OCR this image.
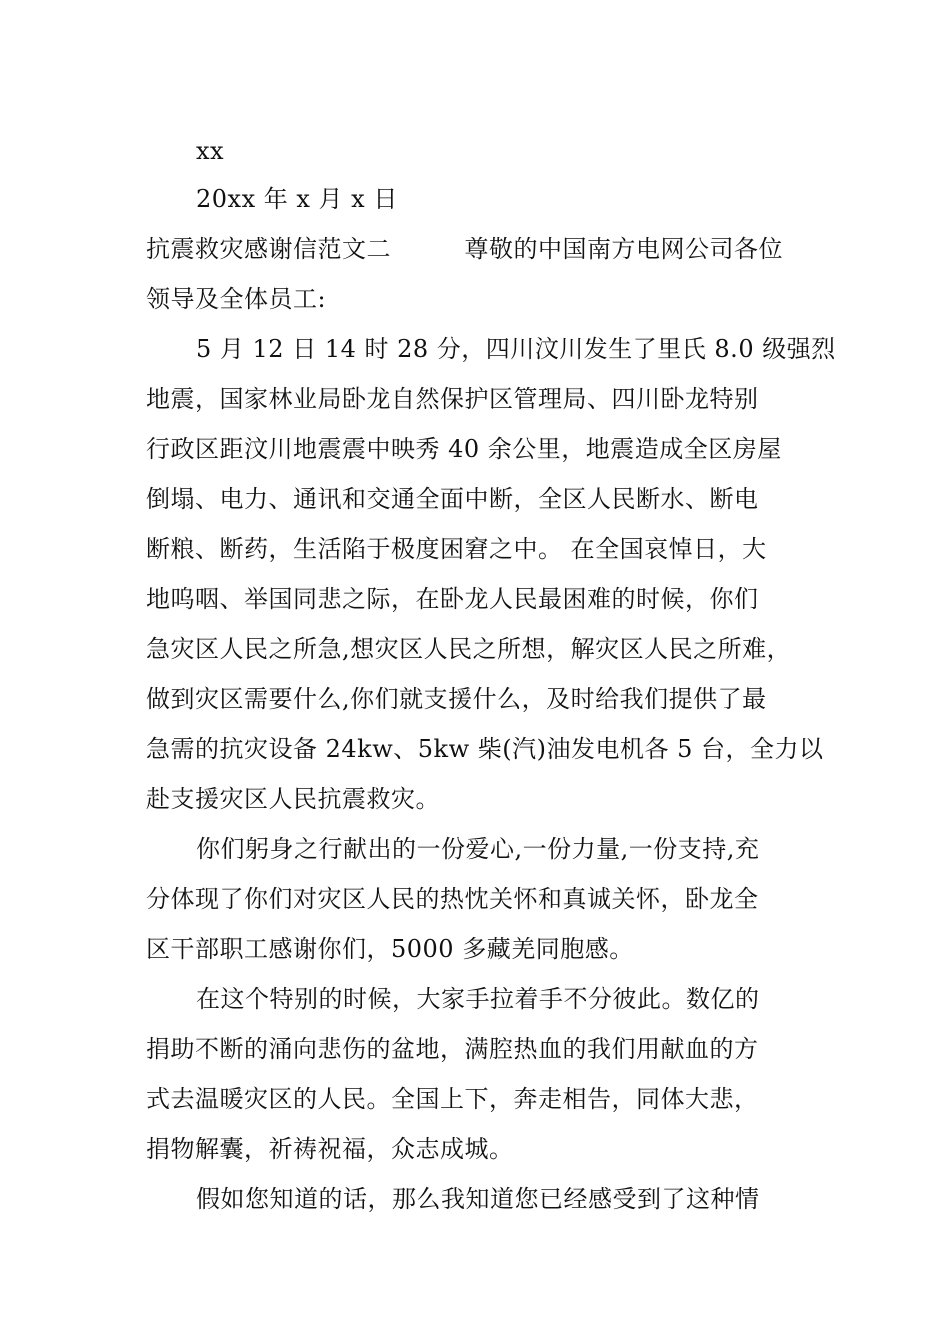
xx
20xx 年 x 月 x 日
抗震救灾感谢信范文二　　　尊敬的中国南方电网公司各位
领导及全体员工:
5 月 12 日 14 时 28 分，四川汶川发生了里氏 8.0 级强烈
地震，国家林业局卧龙自然保护区管理局、四川卧龙特别
行政区距汶川地震震中映秀 40 余公里，地震造成全区房屋
倒塌、电力、通讯和交通全面中断，全区人民断水、断电
断粮、断药，生活陷于极度困窘之中。 在全国哀悼日，大
地呜咽、举国同悲之际，在卧龙人民最困难的时候，你们
急灾区人民之所急,想灾区人民之所想，解灾区人民之所难，
做到灾区需要什么,你们就支援什么，及时给我们提供了最
急需的抗灾设备 24kw、5kw 柴(汽)油发电机各 5 台，全力以
赴支援灾区人民抗震救灾。
你们躬身之行献出的一份爱心,一份力量,一份支持,充
分体现了你们对灾区人民的热忱关怀和真诚关怀，卧龙全
区干部职工感谢你们，5000 多藏羌同胞感。
在这个特别的时候，大家手拉着手不分彼此。数亿的
捐助不断的涌向悲伤的盆地，满腔热血的我们用献血的方
式去温暖灾区的人民。全国上下，奔走相告，同体大悲，
捐物解囊，祈祷祝福，众志成城。
假如您知道的话，那么我知道您已经感受到了这种情
